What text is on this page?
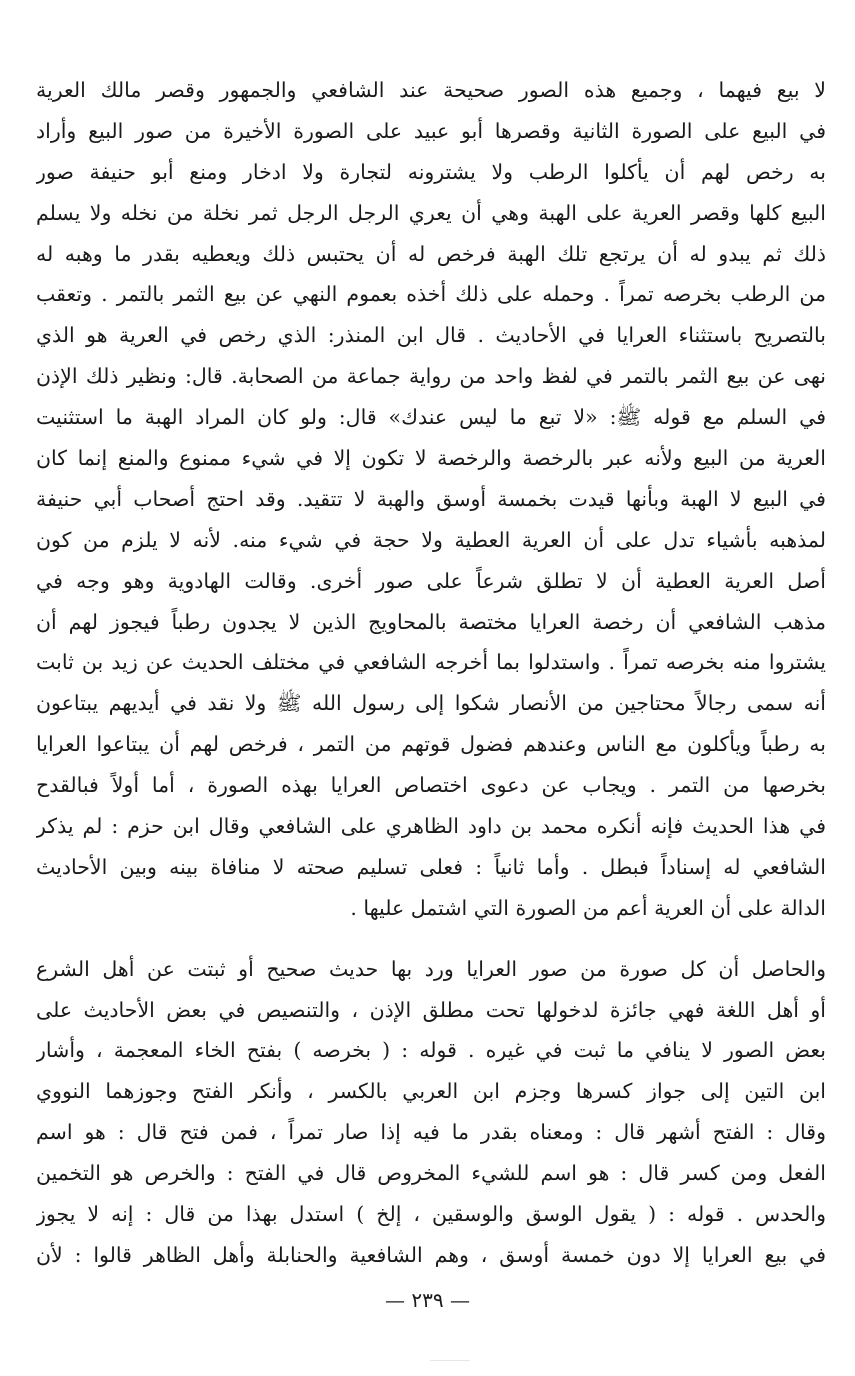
لا بيع فيهما ، وجميع هذه الصور صحيحة عند الشافعي والجمهور وقصر مالك العرية
في البيع على الصورة الثانية وقصرها أبو عبيد على الصورة الأخيرة من صور البيع وأراد
به رخص لهم أن يأكلوا الرطب ولا يشترونه لتجارة ولا ادخار ومنع أبو حنيفة صور
البيع كلها وقصر العرية على الهبة وهي أن يعري الرجل الرجل ثمر نخلة من نخله ولا يسلم
ذلك ثم يبدو له أن يرتجع تلك الهبة فرخص له أن يحتبس ذلك ويعطيه بقدر ما وهبه له
من الرطب بخرصه تمراً . وحمله على ذلك أخذه بعموم النهي عن بيع الثمر بالتمر . وتعقب
بالتصريح باستثناء العرايا في الأحاديث . قال ابن المنذر: الذي رخص في العرية هو الذي
نهى عن بيع الثمر بالتمر في لفظ واحد من رواية جماعة من الصحابة. قال: ونظير ذلك الإذن
في السلم مع قوله ﷺ: «لا تبع ما ليس عندك» قال: ولو كان المراد الهبة ما استثنيت
العرية من البيع ولأنه عبر بالرخصة والرخصة لا تكون إلا في شيء ممنوع والمنع إنما كان
في البيع لا الهبة وبأنها قيدت بخمسة أوسق والهبة لا تتقيد. وقد احتج أصحاب أبي حنيفة
لمذهبه بأشياء تدل على أن العرية العطية ولا حجة في شيء منه. لأنه لا يلزم من كون
أصل العرية العطية أن لا تطلق شرعاً على صور أخرى. وقالت الهادوية وهو وجه في
مذهب الشافعي أن رخصة العرايا مختصة بالمحاويج الذين لا يجدون رطباً فيجوز لهم أن
يشتروا منه بخرصه تمراً . واستدلوا بما أخرجه الشافعي في مختلف الحديث عن زيد بن ثابت
أنه سمى رجالاً محتاجين من الأنصار شكوا إلى رسول الله ﷺ ولا نقد في أيديهم يبتاعون
به رطباً ويأكلون مع الناس وعندهم فضول قوتهم من التمر ، فرخص لهم أن يبتاعوا العرايا
بخرصها من التمر . ويجاب عن دعوى اختصاص العرايا بهذه الصورة ، أما أولاً فبالقدح
في هذا الحديث فإنه أنكره محمد بن داود الظاهري على الشافعي وقال ابن حزم : لم يذكر
الشافعي له إسناداً فبطل . وأما ثانياً : فعلى تسليم صحته لا منافاة بينه وبين الأحاديث
الدالة على أن العرية أعم من الصورة التي اشتمل عليها .
والحاصل أن كل صورة من صور العرايا ورد بها حديث صحيح أو ثبتت عن أهل الشرع
أو أهل اللغة فهي جائزة لدخولها تحت مطلق الإذن ، والتنصيص في بعض الأحاديث على
بعض الصور لا ينافي ما ثبت في غيره . قوله : ( بخرصه ) بفتح الخاء المعجمة ، وأشار
ابن التين إلى جواز كسرها وجزم ابن العربي بالكسر ، وأنكر الفتح وجوزهما النووي
وقال : الفتح أشهر قال : ومعناه بقدر ما فيه إذا صار تمراً ، فمن فتح قال : هو اسم
الفعل ومن كسر قال : هو اسم للشيء المخروص قال في الفتح : والخرص هو التخمين
والحدس . قوله : ( يقول الوسق والوسقين ، إلخ ) استدل بهذا من قال : إنه لا يجوز
في بيع العرايا إلا دون خمسة أوسق ، وهم الشافعية والحنابلة وأهل الظاهر قالوا : لأن
— ٢٣٩ —
